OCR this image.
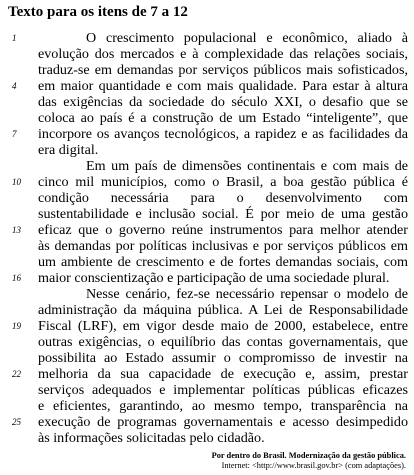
Texto para os itens de 7 a 12
1	O crescimento populacional e econômico, aliado à
evolução dos mercados e à complexidade das relações sociais,
traduz-se em demandas por serviços públicos mais sofisticados,
4	em maior quantidade e com mais qualidade. Para estar à altura
das exigências da sociedade do século XXI, o desafio que se
coloca ao país é a construção de um Estado “inteligente”, que
7	incorpore os avanços tecnológicos, a rapidez e as facilidades da
era digital.
Em um país de dimensões continentais e com mais de
10	cinco mil municípios, como o Brasil, a boa gestão pública é
condição necessária para o desenvolvimento com
sustentabilidade e inclusão social. É por meio de uma gestão
13	eficaz que o governo reúne instrumentos para melhor atender
às demandas por políticas inclusivas e por serviços públicos em
um ambiente de crescimento e de fortes demandas sociais, com
16	maior conscientização e participação de uma sociedade plural.
Nesse cenário, fez-se necessário repensar o modelo de
administração da máquina pública. A Lei de Responsabilidade
19	Fiscal (LRF), em vigor desde maio de 2000, estabelece, entre
outras exigências, o equilíbrio das contas governamentais, que
possibilita ao Estado assumir o compromisso de investir na
22	melhoria da sua capacidade de execução e, assim, prestar
serviços adequados e implementar políticas públicas eficazes
e eficientes, garantindo, ao mesmo tempo, transparência na
25	execução de programas governamentais e acesso desimpedido
às informações solicitadas pelo cidadão.
Por dentro do Brasil. Modernização da gestão pública.
Internet: <http://www.brasil.gov.br> (com adaptações).
